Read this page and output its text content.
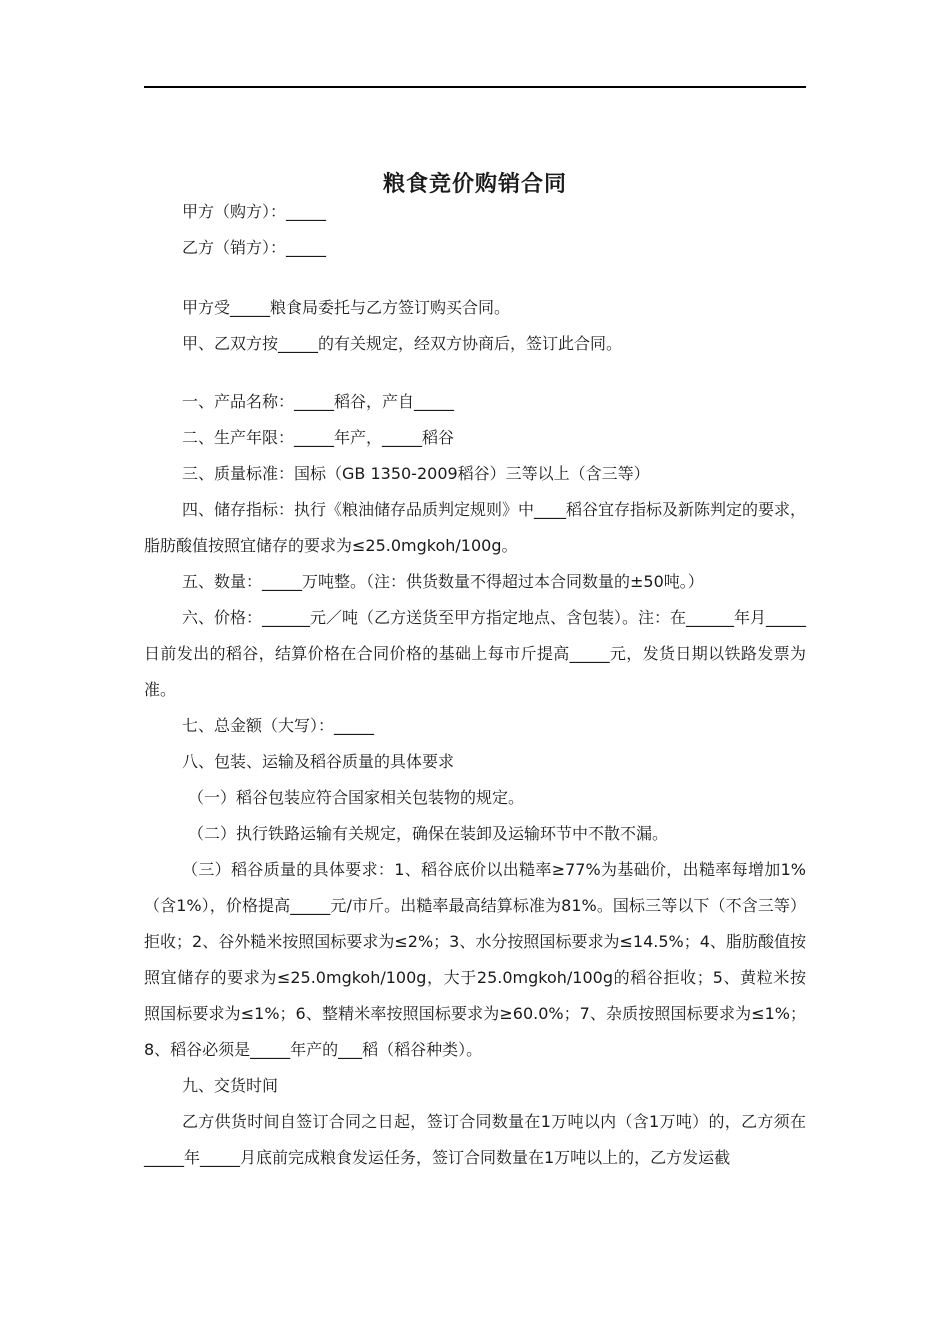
粮食竞价购销合同

甲方（购方）：_____

乙方（销方）：_____

甲方受_____粮食局委托与乙方签订购买合同。

甲、乙双方按_____的有关规定，经双方协商后，签订此合同。

一、产品名称：_____稻谷，产自_____

二、生产年限：_____年产，_____稻谷

三、质量标准：国标（GB 1350-2009稻谷）三等以上（含三等）

四、储存指标：执行《粮油储存品质判定规则》中____稻谷宜存指标及新陈判定的要求，脂肪酸值按照宜储存的要求为≤25.0mgkoh/100g。

五、数量：_____万吨整。（注：供货数量不得超过本合同数量的±50吨。）

六、价格：______元／吨（乙方送货至甲方指定地点、含包装）。注：在______年月_____日前发出的稻谷，结算价格在合同价格的基础上每市斤提高_____元，发货日期以铁路发票为准。

七、总金额（大写）：_____

八、包装、运输及稻谷质量的具体要求

（一）稻谷包装应符合国家相关包装物的规定。

（二）执行铁路运输有关规定，确保在装卸及运输环节中不散不漏。

（三）稻谷质量的具体要求：1、稻谷底价以出糙率≥77%为基础价，出糙率每增加1%（含1%），价格提高_____元/市斤。出糙率最高结算标准为81%。国标三等以下（不含三等）拒收；2、谷外糙米按照国标要求为≤2%；3、水分按照国标要求为≤14.5%；4、脂肪酸值按照宜储存的要求为≤25.0mgkoh/100g，大于25.0mgkoh/100g的稻谷拒收；5、黄粒米按照国标要求为≤1%；6、整精米率按照国标要求为≥60.0%；7、杂质按照国标要求为≤1%；8、稻谷必须是_____年产的___稻（稻谷种类）。

九、交货时间

乙方供货时间自签订合同之日起，签订合同数量在1万吨以内（含1万吨）的，乙方须在_____年_____月底前完成粮食发运任务，签订合同数量在1万吨以上的，乙方发运截
